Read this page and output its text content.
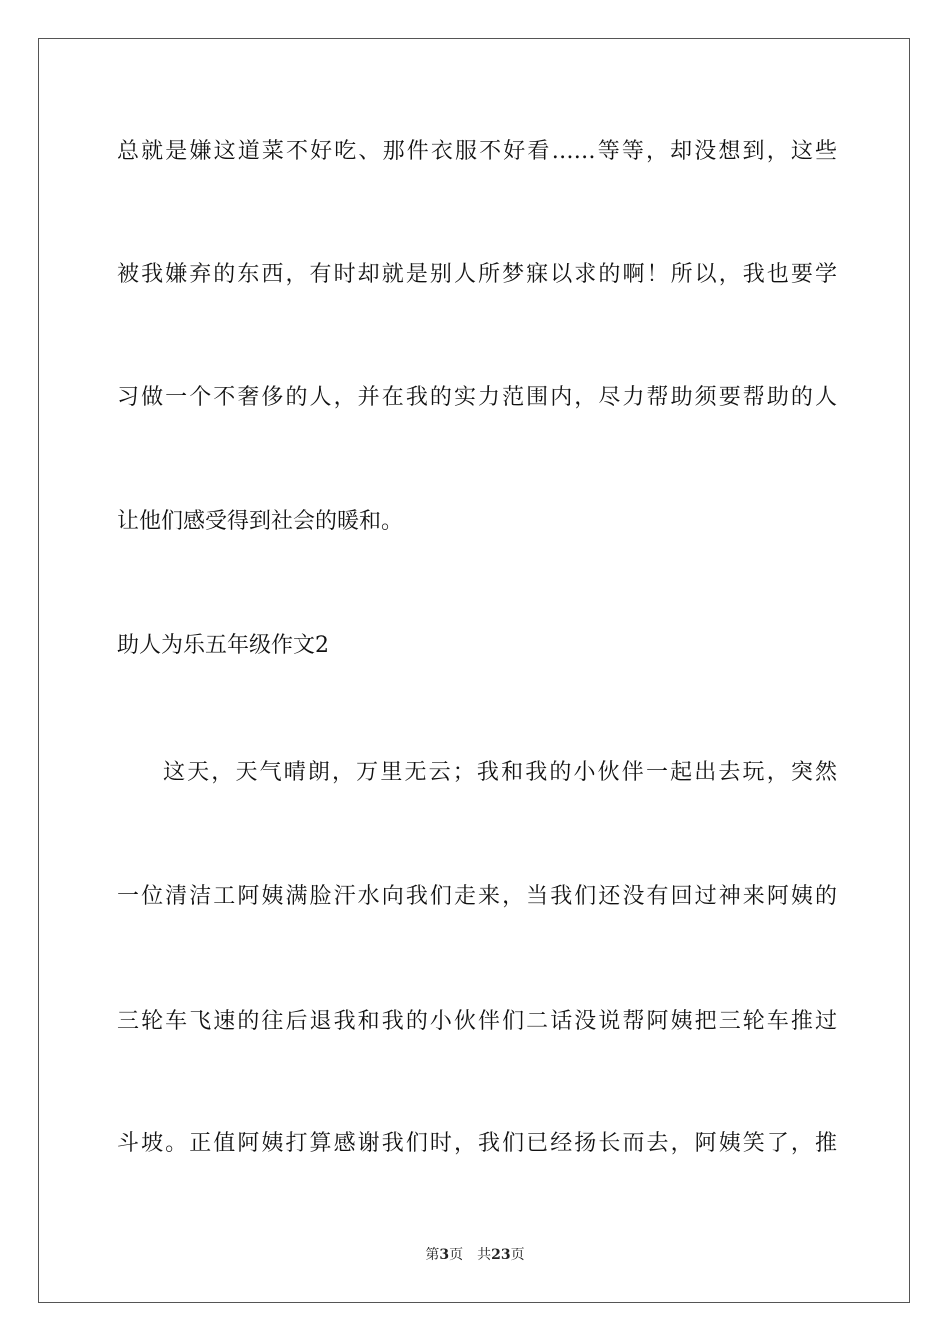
总就是嫌这道菜不好吃、那件衣服不好看……等等，却没想到，这些
被我嫌弃的东西，有时却就是别人所梦寐以求的啊！所以，我也要学
习做一个不奢侈的人，并在我的实力范围内，尽力帮助须要帮助的人
让他们感受得到社会的暖和。
助人为乐五年级作文2
这天，天气晴朗，万里无云；我和我的小伙伴一起出去玩，突然
一位清洁工阿姨满脸汗水向我们走来，当我们还没有回过神来阿姨的
三轮车飞速的往后退我和我的小伙伴们二话没说帮阿姨把三轮车推过
斗坡。正值阿姨打算感谢我们时，我们已经扬长而去，阿姨笑了，推
第3页 共23页
